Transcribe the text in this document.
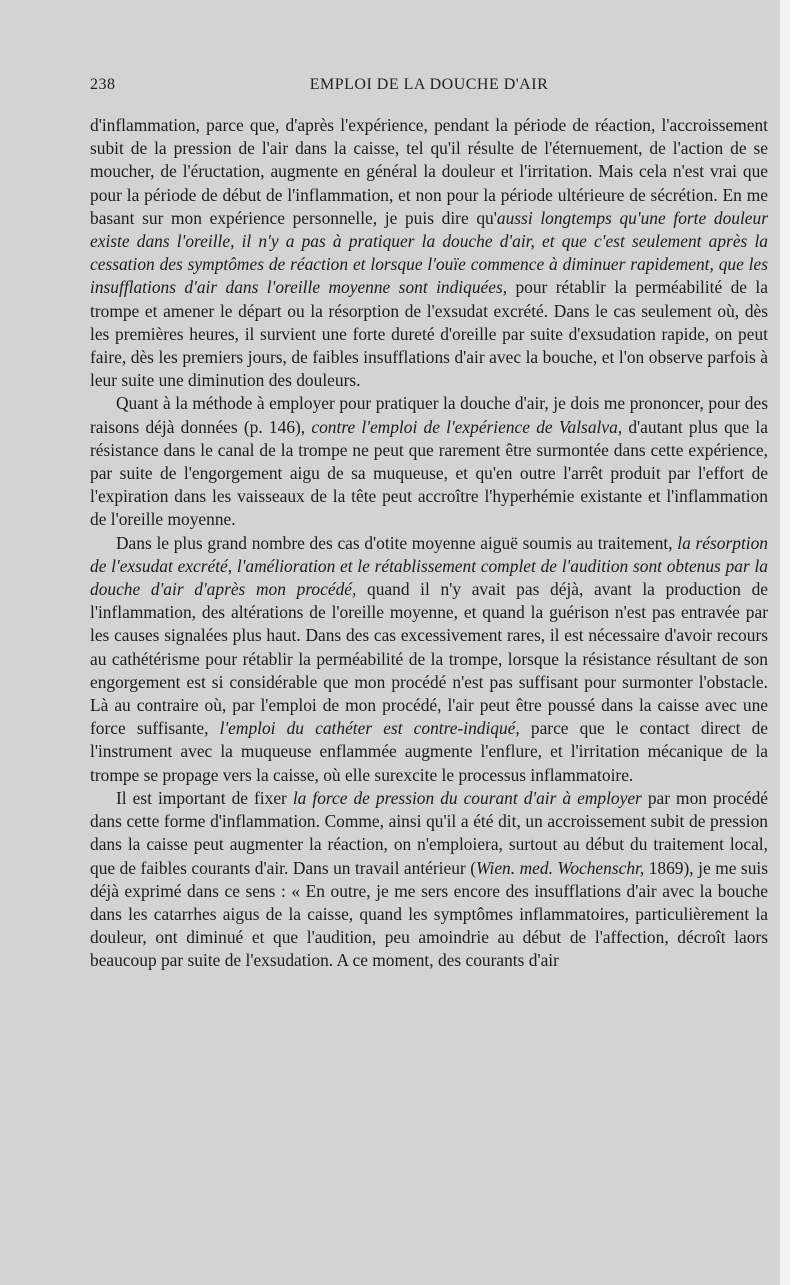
238	EMPLOI DE LA DOUCHE D'AIR

d'inflammation, parce que, d'après l'expérience, pendant la période de réaction, l'accroissement subit de la pression de l'air dans la caisse, tel qu'il résulte de l'éternuement, de l'action de se moucher, de l'éructation, augmente en général la douleur et l'irritation. Mais cela n'est vrai que pour la période de début de l'inflammation, et non pour la période ultérieure de sécrétion. En me basant sur mon expérience personnelle, je puis dire qu'aussi longtemps qu'une forte douleur existe dans l'oreille, il n'y a pas à pratiquer la douche d'air, et que c'est seulement après la cessation des symptômes de réaction et lorsque l'ouïe commence à diminuer rapidement, que les insufflations d'air dans l'oreille moyenne sont indiquées, pour rétablir la perméabilité de la trompe et amener le départ ou la résorption de l'exsudat excrété. Dans le cas seulement où, dès les premières heures, il survient une forte dureté d'oreille par suite d'exsudation rapide, on peut faire, dès les premiers jours, de faibles insufflations d'air avec la bouche, et l'on observe parfois à leur suite une diminution des douleurs.

Quant à la méthode à employer pour pratiquer la douche d'air, je dois me prononcer, pour des raisons déjà données (p. 146), contre l'emploi de l'expérience de Valsalva, d'autant plus que la résistance dans le canal de la trompe ne peut que rarement être surmontée dans cette expérience, par suite de l'engorgement aigu de sa muqueuse, et qu'en outre l'arrêt produit par l'effort de l'expiration dans les vaisseaux de la tête peut accroître l'hyperhémie existante et l'inflammation de l'oreille moyenne.

Dans le plus grand nombre des cas d'otite moyenne aiguë soumis au traitement, la résorption de l'exsudat excrété, l'amélioration et le rétablissement complet de l'audition sont obtenus par la douche d'air d'après mon procédé, quand il n'y avait pas déjà, avant la production de l'inflammation, des altérations de l'oreille moyenne, et quand la guérison n'est pas entravée par les causes signalées plus haut. Dans des cas excessivement rares, il est nécessaire d'avoir recours au cathétérisme pour rétablir la perméabilité de la trompe, lorsque la résistance résultant de son engorgement est si considérable que mon procédé n'est pas suffisant pour surmonter l'obstacle. Là au contraire où, par l'emploi de mon procédé, l'air peut être poussé dans la caisse avec une force suffisante, l'emploi du cathéter est contre-indiqué, parce que le contact direct de l'instrument avec la muqueuse enflammée augmente l'enflure, et l'irritation mécanique de la trompe se propage vers la caisse, où elle surexcite le processus inflammatoire.

Il est important de fixer la force de pression du courant d'air à employer par mon procédé dans cette forme d'inflammation. Comme, ainsi qu'il a été dit, un accroissement subit de pression dans la caisse peut augmenter la réaction, on n'emploiera, surtout au début du traitement local, que de faibles courants d'air. Dans un travail antérieur (Wien. med. Wochenschr, 1869), je me suis déjà exprimé dans ce sens : « En outre, je me sers encore des insufflations d'air avec la bouche dans les catarrhes aigus de la caisse, quand les symptômes inflammatoires, particulièrement la douleur, ont diminué et que l'audition, peu amoindrie au début de l'affection, décroît laors beaucoup par suite de l'exsudation. A ce moment, des courants d'air
